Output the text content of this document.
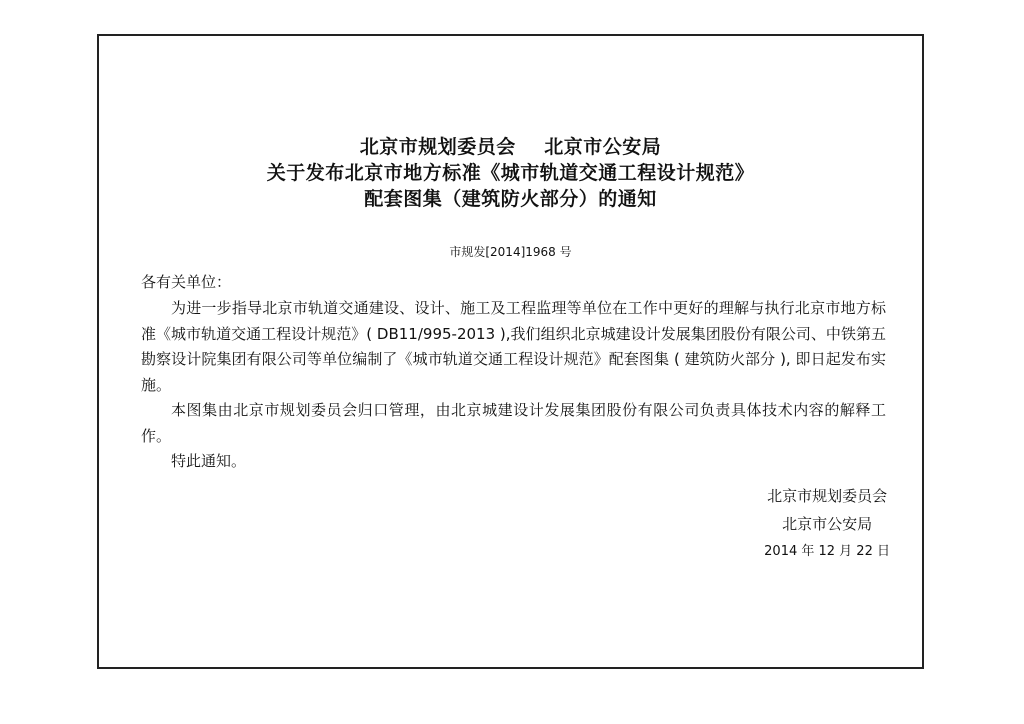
北京市规划委员会    北京市公安局
关于发布北京市地方标准《城市轨道交通工程设计规范》
配套图集（建筑防火部分）的通知
市规发[2014]1968 号
各有关单位：

为进一步指导北京市轨道交通建设、设计、施工及工程监理等单位在工作中更好的理解与执行北京市地方标准《城市轨道交通工程设计规范》( DB11/995-2013 ),我们组织北京城建设计发展集团股份有限公司、中铁第五勘察设计院集团有限公司等单位编制了《城市轨道交通工程设计规范》配套图集 ( 建筑防火部分 ), 即日起发布实施。

本图集由北京市规划委员会归口管理，由北京城建设计发展集团股份有限公司负责具体技术内容的解释工作。

特此通知。

北京市规划委员会
北京市公安局
2014 年 12 月 22 日
